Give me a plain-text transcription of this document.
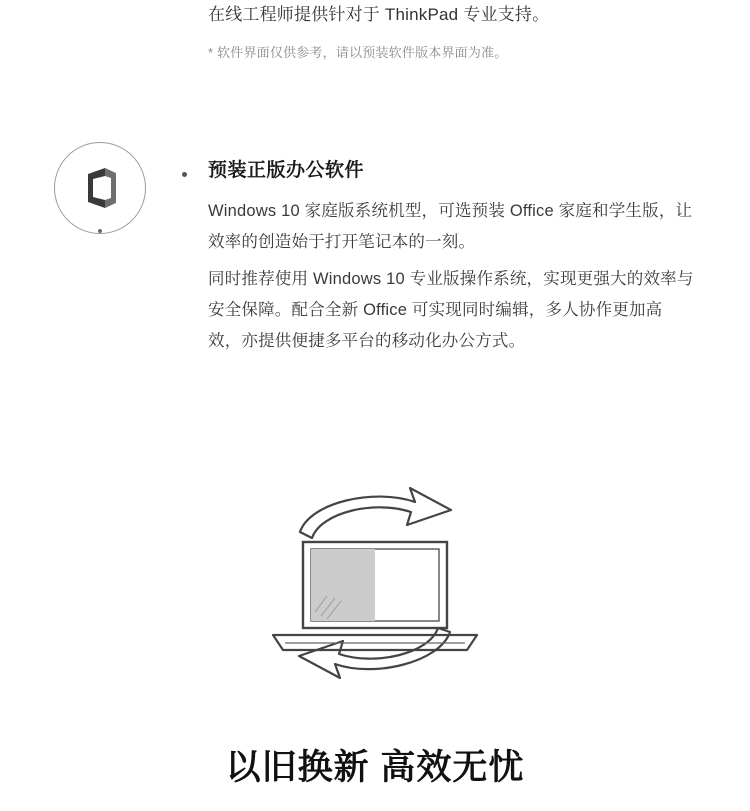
在线工程师提供针对于 ThinkPad 专业支持。
* 软件界面仅供参考，请以预装软件版本界面为准。
预装正版办公软件

Windows 10 家庭版系统机型，可选预装 Office 家庭和学生版，让效率的创造始于打开笔记本的一刻。

同时推荐使用 Windows 10 专业版操作系统，实现更强大的效率与安全保障。配合全新 Office 可实现同时编辑，多人协作更加高效，亦提供便捷多平台的移动化办公方式。

以旧换新 高效无忧
